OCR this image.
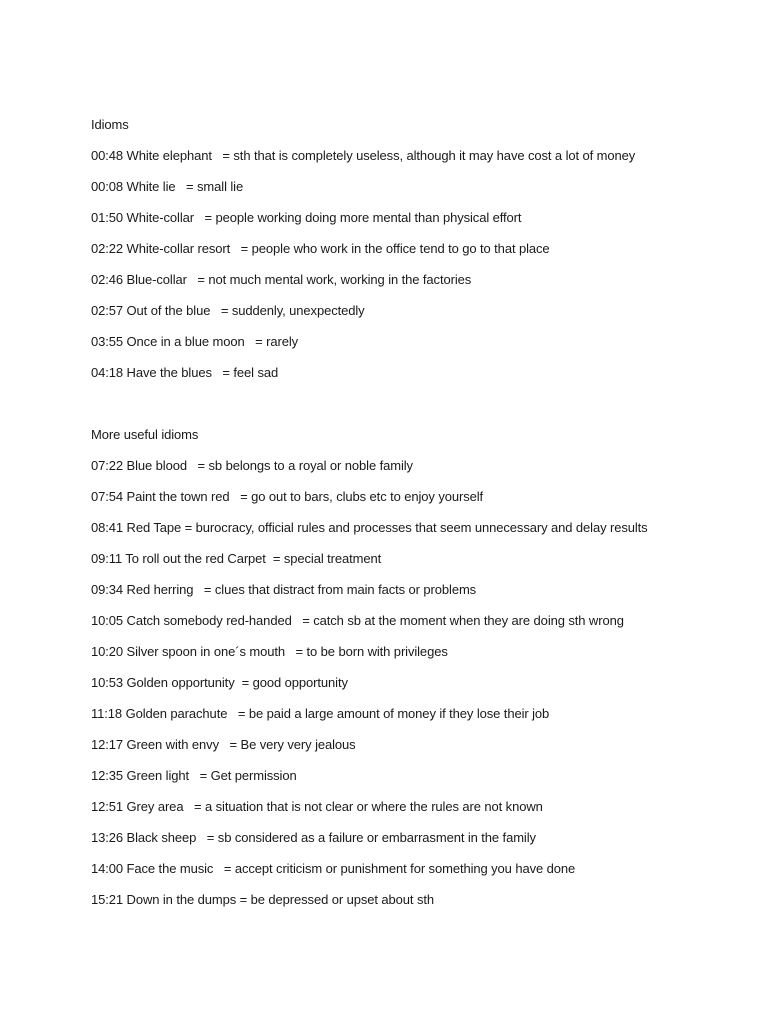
Idioms
00:48 White elephant   = sth that is completely useless, although it may have cost a lot of money
00:08 White lie   = small lie
01:50 White-collar   = people working doing more mental than physical effort
02:22 White-collar resort   = people who work in the office tend to go to that place
02:46 Blue-collar   = not much mental work, working in the factories
02:57 Out of the blue   = suddenly, unexpectedly
03:55 Once in a blue moon   = rarely
04:18 Have the blues   = feel sad
More useful idioms
07:22 Blue blood   = sb belongs to a royal or noble family
07:54 Paint the town red   = go out to bars, clubs etc to enjoy yourself
08:41 Red Tape = burocracy, official rules and processes that seem unnecessary and delay results
09:11 To roll out the red Carpet  = special treatment
09:34 Red herring   = clues that distract from main facts or problems
10:05 Catch somebody red-handed   = catch sb at the moment when they are doing sth wrong
10:20 Silver spoon in one´s mouth   = to be born with privileges
10:53 Golden opportunity  = good opportunity
11:18 Golden parachute   = be paid a large amount of money if they lose their job
12:17 Green with envy   = Be very very jealous
12:35 Green light   = Get permission
12:51 Grey area   = a situation that is not clear or where the rules are not known
13:26 Black sheep   = sb considered as a failure or embarrasment in the family
14:00 Face the music   = accept criticism or punishment for something you have done
15:21 Down in the dumps = be depressed or upset about sth
